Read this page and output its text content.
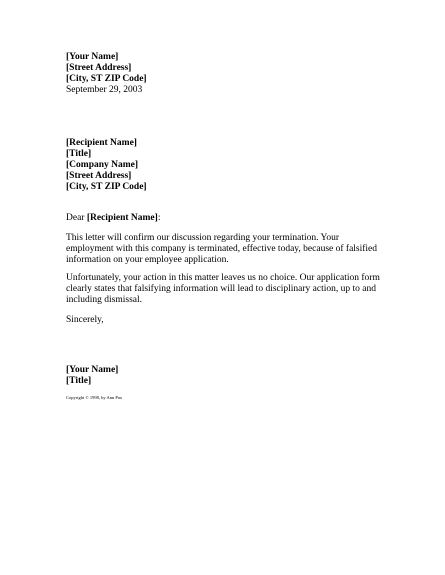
[Your Name]
[Street Address]
[City, ST ZIP Code]
September 29, 2003
[Recipient Name]
[Title]
[Company Name]
[Street Address]
[City, ST ZIP Code]
Dear [Recipient Name]:

This letter will confirm our discussion regarding your termination. Your employment with this company is terminated, effective today, because of falsified information on your employee application.

Unfortunately, your action in this matter leaves us no choice. Our application form clearly states that falsifying information will lead to disciplinary action, up to and including dismissal.

Sincerely,
[Your Name]
[Title]
Copyright © 1998, by Ann Pax
